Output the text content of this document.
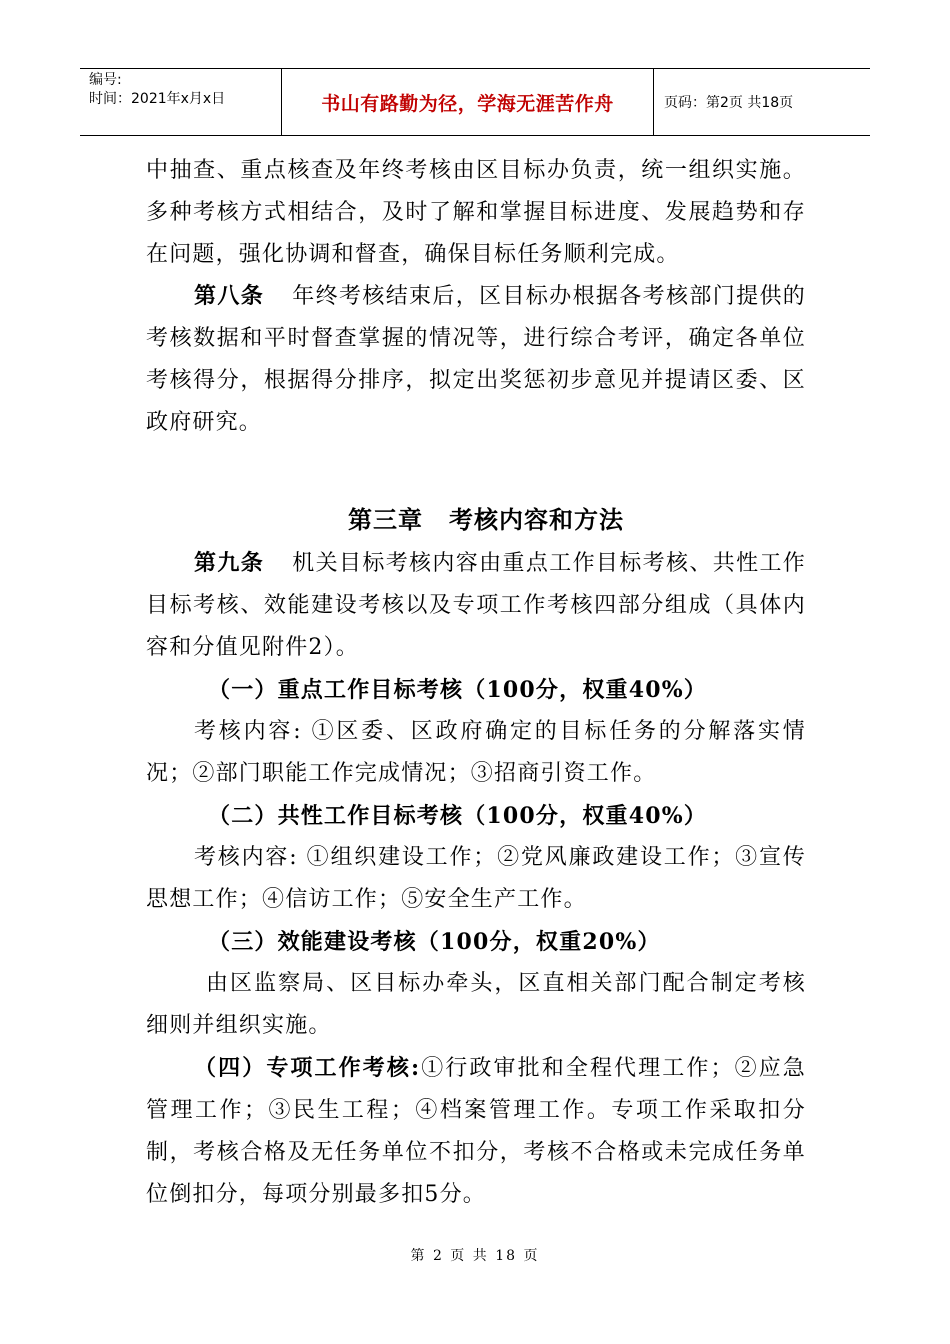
编号:
时间：2021年x月x日	书山有路勤为径，学海无涯苦作舟	页码：第2页 共18页

中抽查、重点核查及年终考核由区目标办负责，统一组织实施。多种考核方式相结合，及时了解和掌握目标进度、发展趋势和存在问题，强化协调和督查，确保目标任务顺利完成。

第八条 年终考核结束后，区目标办根据各考核部门提供的考核数据和平时督查掌握的情况等，进行综合考评，确定各单位考核得分，根据得分排序，拟定出奖惩初步意见并提请区委、区政府研究。

第三章 考核内容和方法

第九条 机关目标考核内容由重点工作目标考核、共性工作目标考核、效能建设考核以及专项工作考核四部分组成（具体内容和分值见附件2）。

（一）重点工作目标考核（100分，权重40%）

考核内容: ①区委、区政府确定的目标任务的分解落实情况；②部门职能工作完成情况；③招商引资工作。

（二）共性工作目标考核（100分，权重40%）

考核内容: ①组织建设工作；②党风廉政建设工作；③宣传思想工作；④信访工作；⑤安全生产工作。

（三）效能建设考核（100分，权重20%）

由区监察局、区目标办牵头，区直相关部门配合制定考核细则并组织实施。

（四）专项工作考核:①行政审批和全程代理工作；②应急管理工作；③民生工程；④档案管理工作。专项工作采取扣分制，考核合格及无任务单位不扣分，考核不合格或未完成任务单位倒扣分，每项分别最多扣5分。

第 2 页 共 18 页
